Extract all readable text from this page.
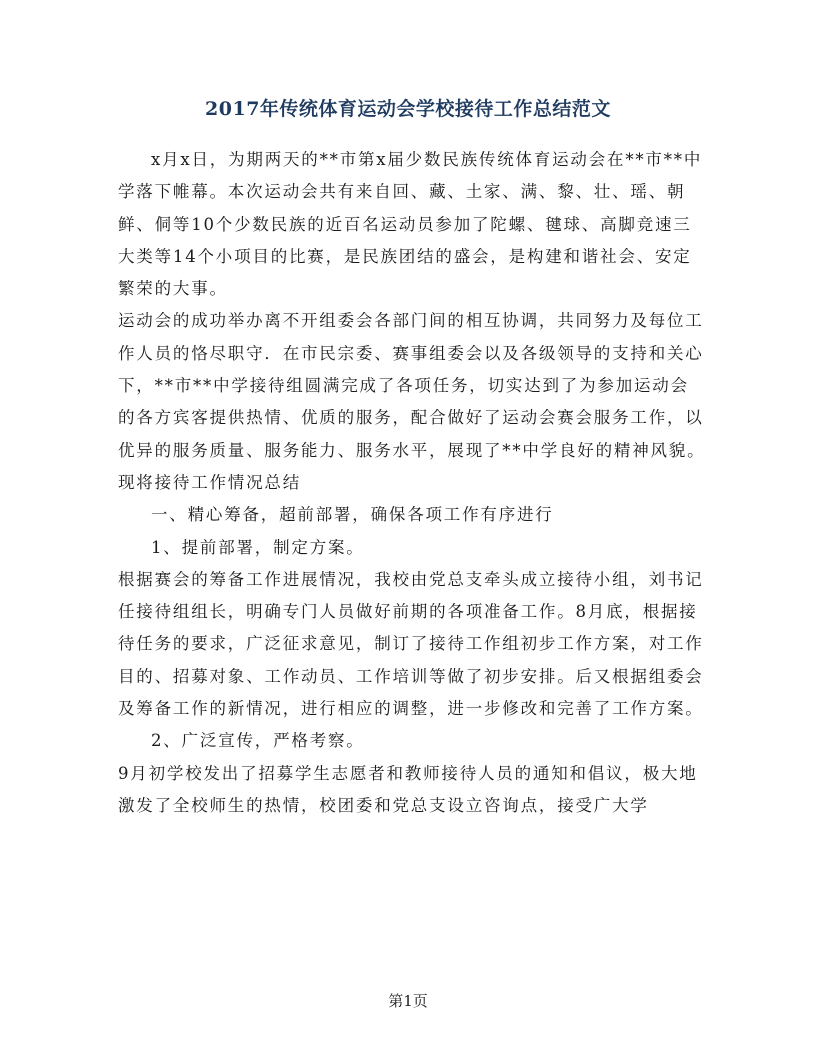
2017年传统体育运动会学校接待工作总结范文

x月x日，为期两天的**市第x届少数民族传统体育运动会在**市**中学落下帷幕。本次运动会共有来自回、藏、土家、满、黎、壮、瑶、朝鲜、侗等10个少数民族的近百名运动员参加了陀螺、毽球、高脚竞速三大类等14个小项目的比赛，是民族团结的盛会，是构建和谐社会、安定繁荣的大事。

运动会的成功举办离不开组委会各部门间的相互协调，共同努力及每位工作人员的恪尽职守．在市民宗委、赛事组委会以及各级领导的支持和关心下，**市**中学接待组圆满完成了各项任务，切实达到了为参加运动会的各方宾客提供热情、优质的服务，配合做好了运动会赛会服务工作，以优异的服务质量、服务能力、服务水平，展现了**中学良好的精神风貌。现将接待工作情况总结

一、精心筹备，超前部署，确保各项工作有序进行

1、提前部署，制定方案。

根据赛会的筹备工作进展情况，我校由党总支牵头成立接待小组，刘书记任接待组组长，明确专门人员做好前期的各项准备工作。8月底，根据接待任务的要求，广泛征求意见，制订了接待工作组初步工作方案，对工作目的、招募对象、工作动员、工作培训等做了初步安排。后又根据组委会及筹备工作的新情况，进行相应的调整，进一步修改和完善了工作方案。

2、广泛宣传，严格考察。

9月初学校发出了招募学生志愿者和教师接待人员的通知和倡议，极大地激发了全校师生的热情，校团委和党总支设立咨询点，接受广大学

第1页
